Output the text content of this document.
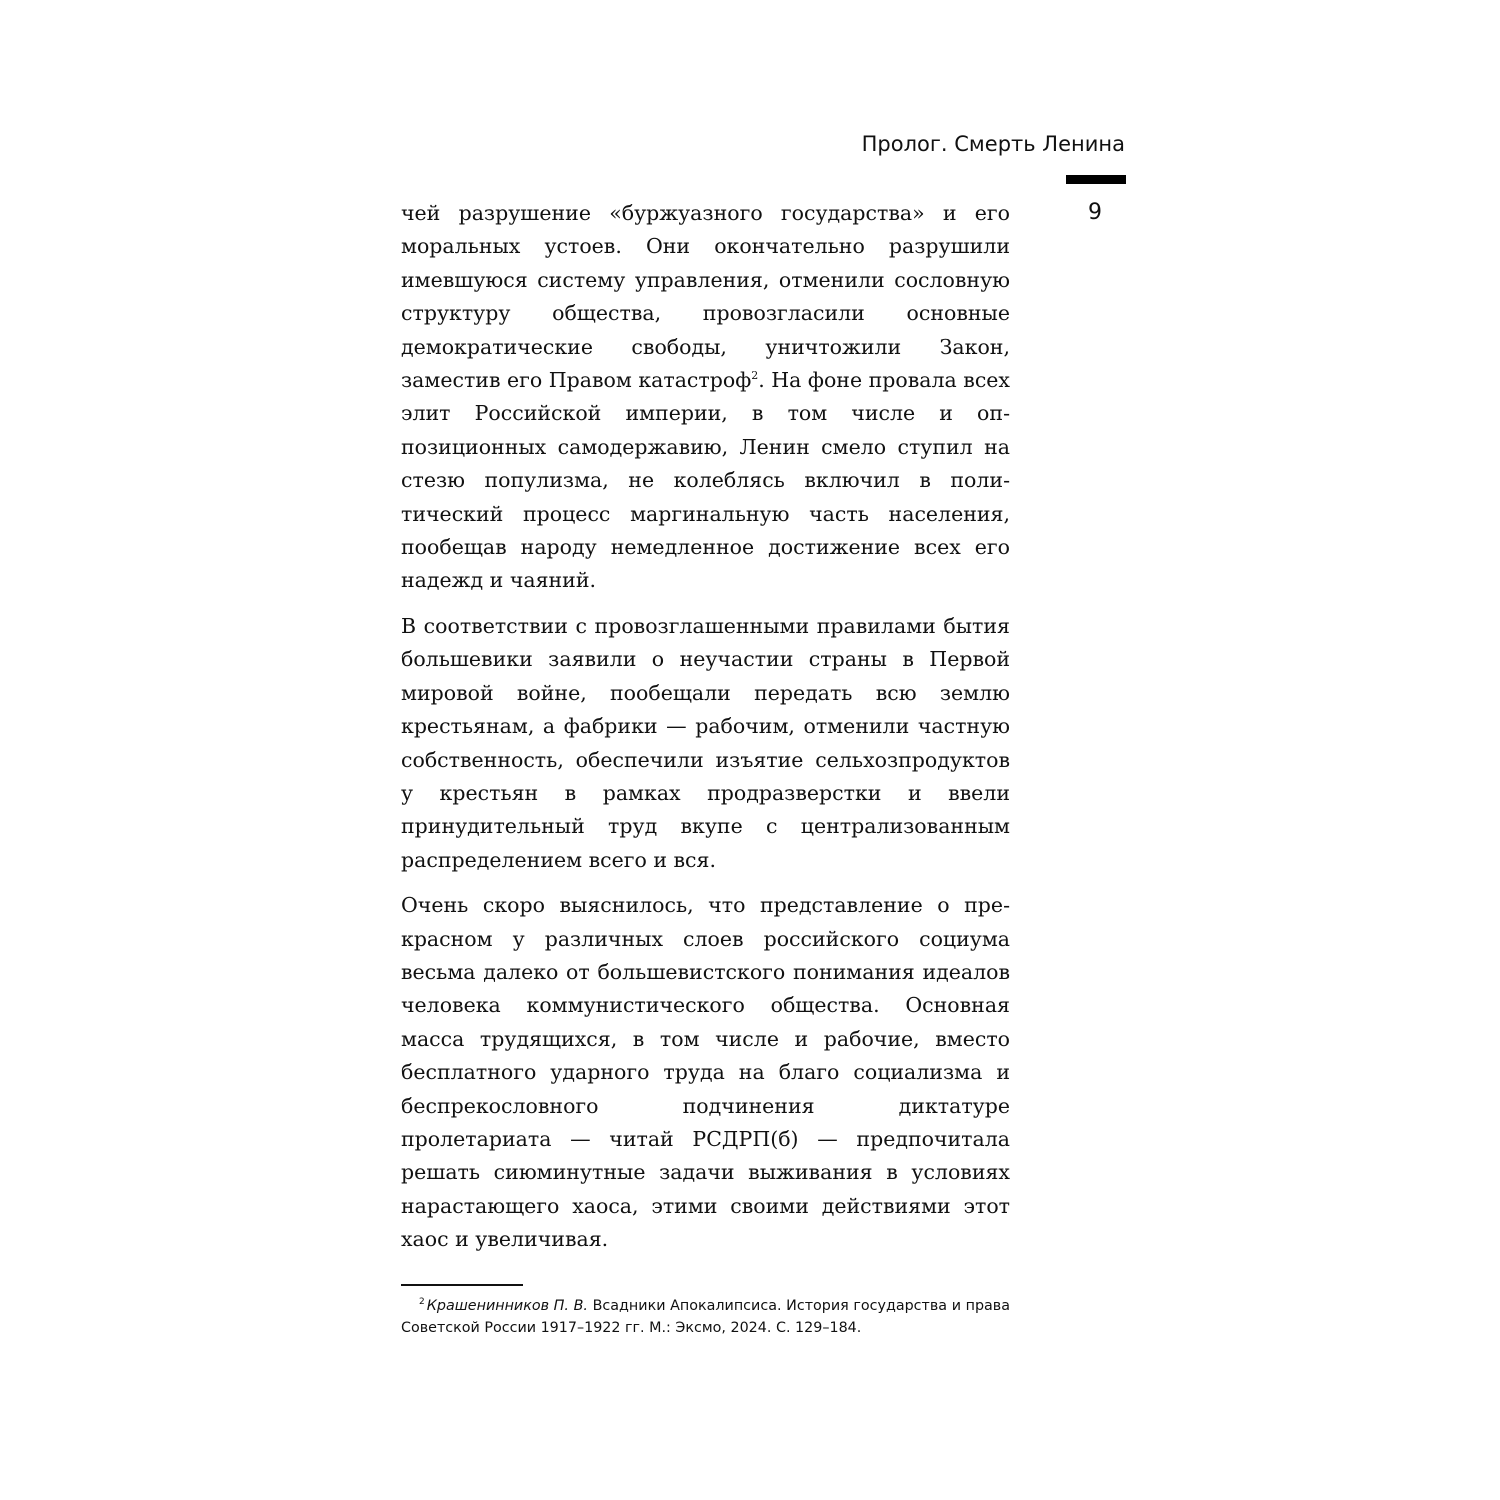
Пролог. Смерть Ленина
9

чей разрушение «буржуазного государства» и его моральных устоев. Они окончательно разрушили имевшуюся систему управления, отменили сословную структуру общества, провозгласили основные демократические свободы, уничтожили Закон, заместив его Правом катастроф$^2$. На фоне провала всех элит Российской империи, в том числе и оппозиционных самодержавию, Ленин смело ступил на стезю популизма, не колеблясь включил в политический процесс маргинальную часть населения, пообещав народу немедленное достижение всех его надежд и чаяний.

В соответствии с провозглашенными правилами бытия большевики заявили о неучастии страны в Первой мировой войне, пообещали передать всю землю крестьянам, а фабрики — рабочим, отменили частную собственность, обеспечили изъятие сельхозпродуктов у крестьян в рамках продразверстки и ввели принудительный труд вкупе с централизованным распределением всего и вся.

Очень скоро выяснилось, что представление о прекрасном у различных слоев российского социума весьма далеко от большевистского понимания идеалов человека коммунистического общества. Основная масса трудящихся, в том числе и рабочие, вместо бесплатного ударного труда на благо социализма и беспрекословного подчинения диктатуре пролетариата — читай РСДРП(б) — предпочитала решать сиюминутные задачи выживания в условиях нарастающего хаоса, этими своими действиями этот хаос и увеличивая.

$^2$ Крашенинников П. В. Всадники Апокалипсиса. История государства и права Советской России 1917–1922 гг. М.: Эксмо, 2024. С. 129–184.
